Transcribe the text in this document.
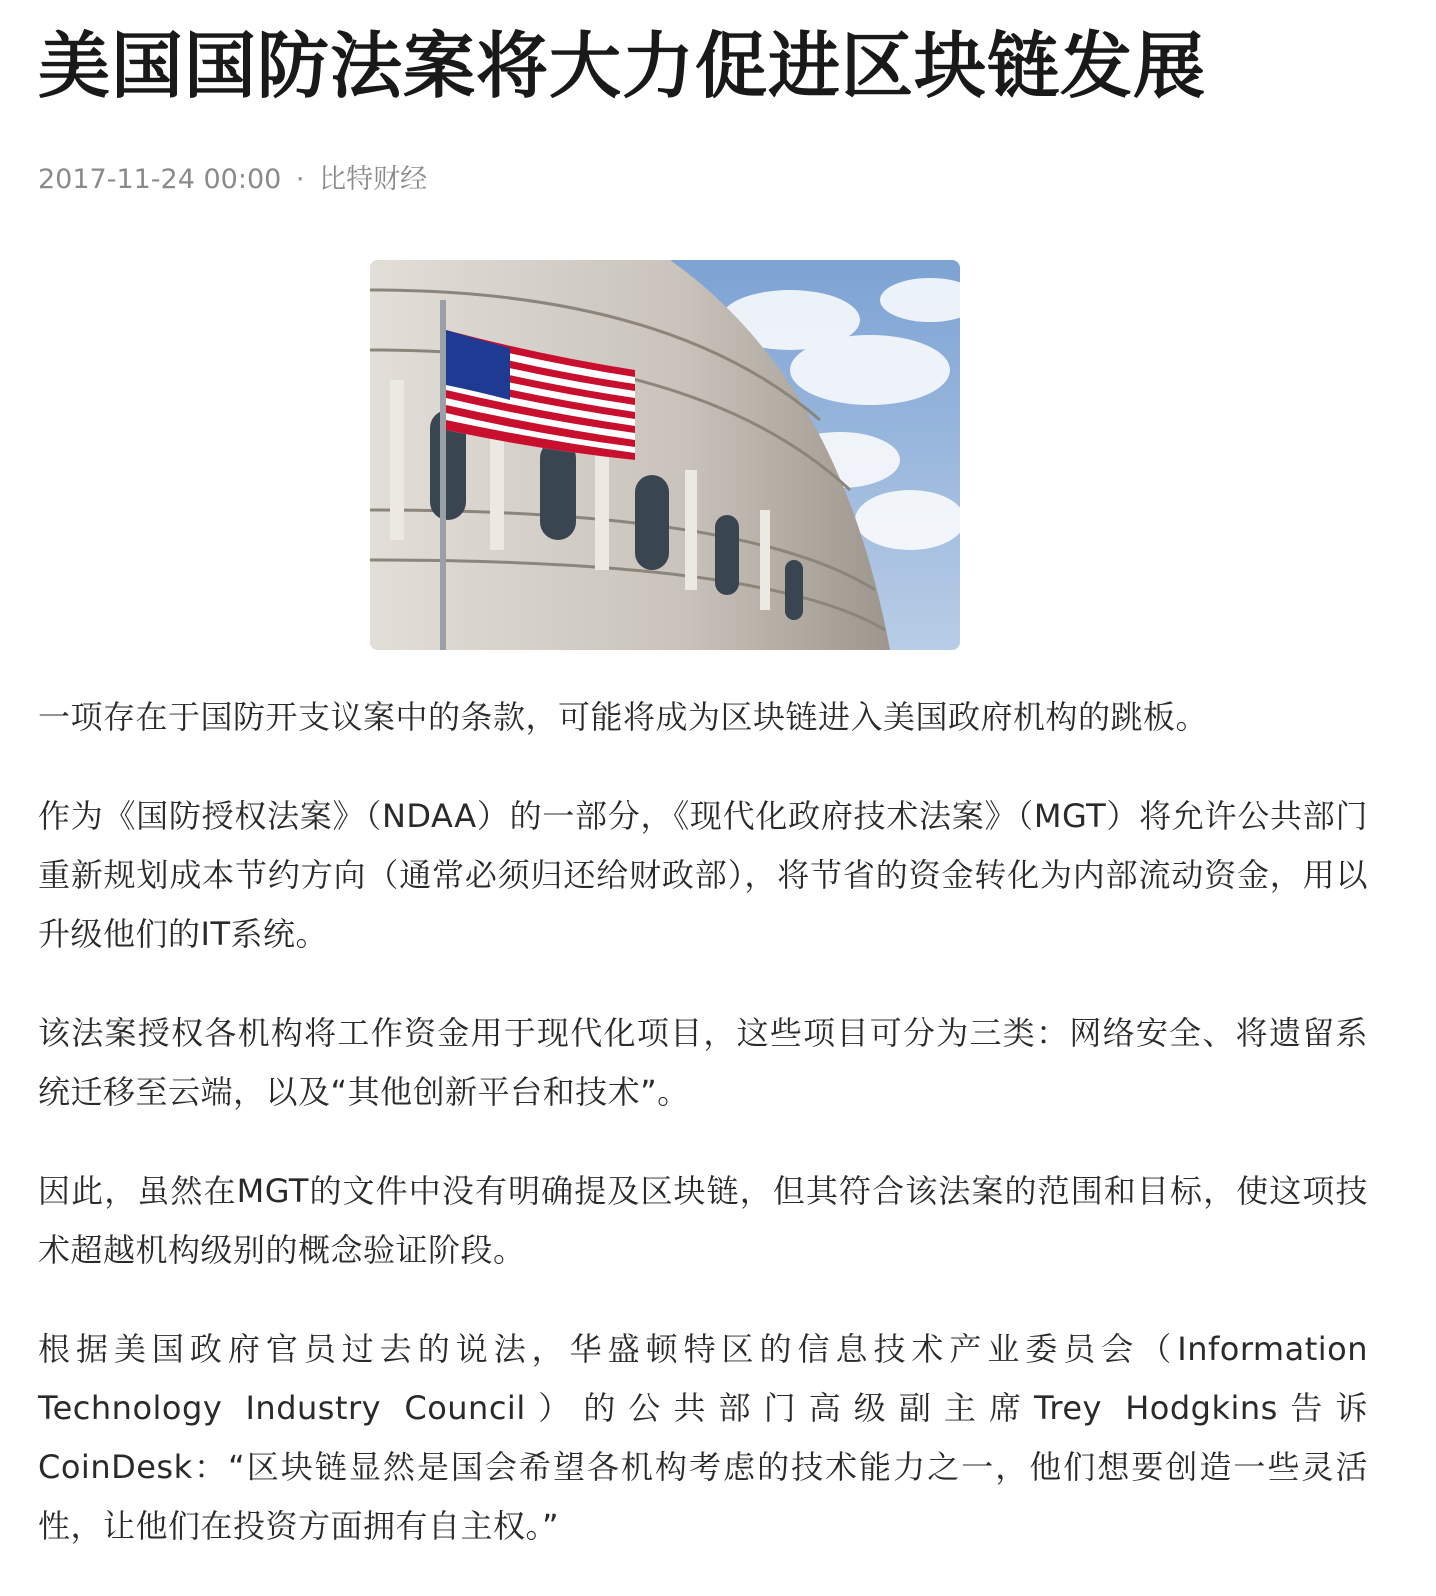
美国国防法案将大力促进区块链发展
2017-11-24 00:00 · 比特财经

一项存在于国防开支议案中的条款，可能将成为区块链进入美国政府机构的跳板。

作为《国防授权法案》（NDAA）的一部分，《现代化政府技术法案》（MGT）将允许公共部门重新规划成本节约方向（通常必须归还给财政部），将节省的资金转化为内部流动资金，用以升级他们的IT系统。

该法案授权各机构将工作资金用于现代化项目，这些项目可分为三类：网络安全、将遗留系统迁移至云端，以及“其他创新平台和技术”。

因此，虽然在MGT的文件中没有明确提及区块链，但其符合该法案的范围和目标，使这项技术超越机构级别的概念验证阶段。

根据美国政府官员过去的说法，华盛顿特区的信息技术产业委员会（Information Technology Industry Council）的公共部门高级副主席Trey Hodgkins告诉CoinDesk：“区块链显然是国会希望各机构考虑的技术能力之一，他们想要创造一些灵活性，让他们在投资方面拥有自主权。”
